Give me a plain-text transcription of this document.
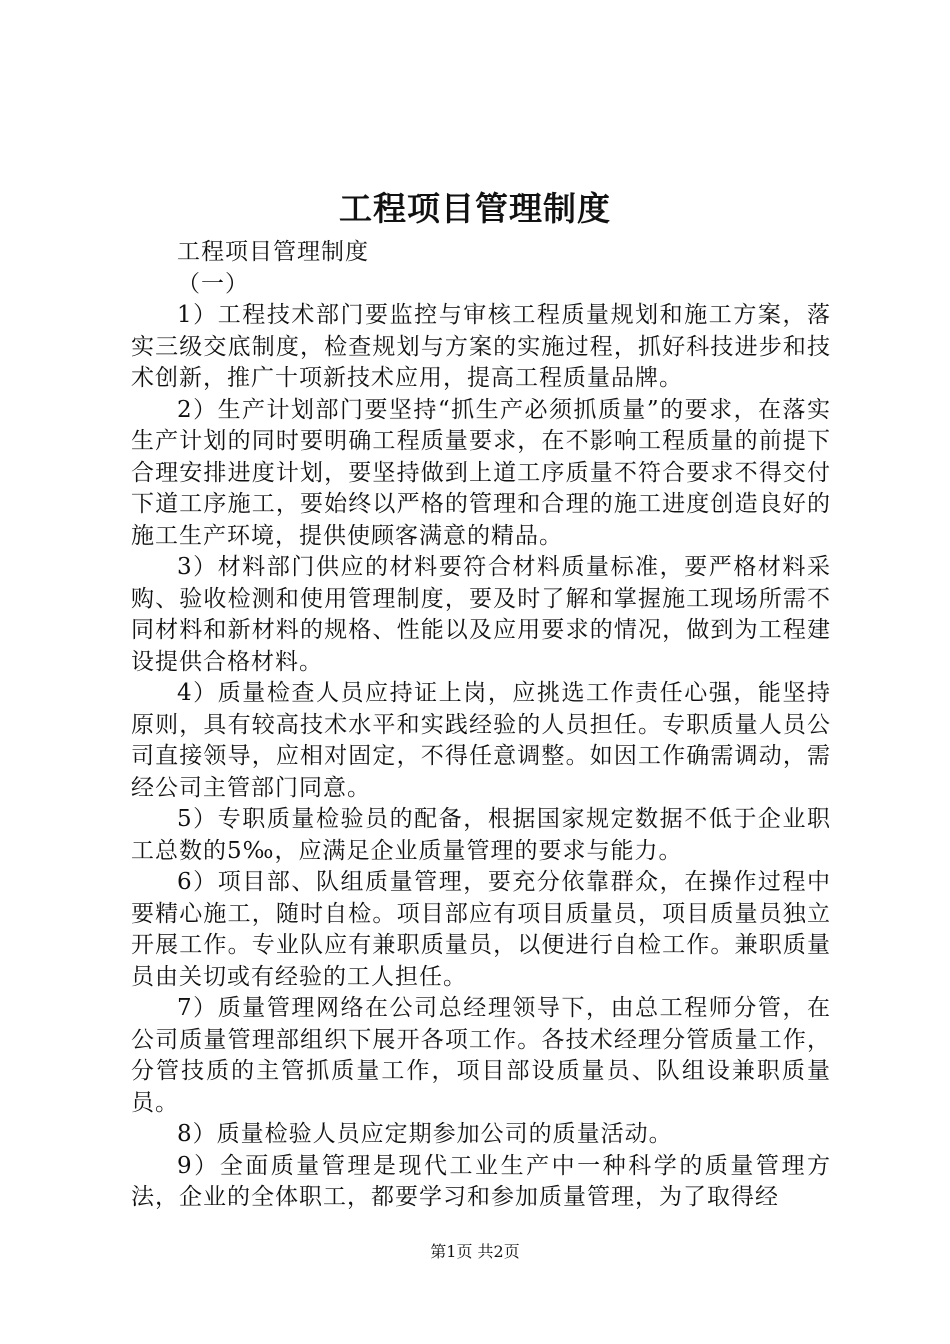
工程项目管理制度

工程项目管理制度

（一）

1）工程技术部门要监控与审核工程质量规划和施工方案，落实三级交底制度，检查规划与方案的实施过程，抓好科技进步和技术创新，推广十项新技术应用，提高工程质量品牌。

2）生产计划部门要坚持“抓生产必须抓质量”的要求，在落实生产计划的同时要明确工程质量要求，在不影响工程质量的前提下合理安排进度计划，要坚持做到上道工序质量不符合要求不得交付下道工序施工，要始终以严格的管理和合理的施工进度创造良好的施工生产环境，提供使顾客满意的精品。

3）材料部门供应的材料要符合材料质量标准，要严格材料采购、验收检测和使用管理制度，要及时了解和掌握施工现场所需不同材料和新材料的规格、性能以及应用要求的情况，做到为工程建设提供合格材料。

4）质量检查人员应持证上岗，应挑选工作责任心强，能坚持原则，具有较高技术水平和实践经验的人员担任。专职质量人员公司直接领导，应相对固定，不得任意调整。如因工作确需调动，需经公司主管部门同意。

5）专职质量检验员的配备，根据国家规定数据不低于企业职工总数的5‰，应满足企业质量管理的要求与能力。

6）项目部、队组质量管理，要充分依靠群众，在操作过程中要精心施工，随时自检。项目部应有项目质量员，项目质量员独立开展工作。专业队应有兼职质量员，以便进行自检工作。兼职质量员由关切或有经验的工人担任。

7）质量管理网络在公司总经理领导下，由总工程师分管，在公司质量管理部组织下展开各项工作。各技术经理分管质量工作，分管技质的主管抓质量工作，项目部设质量员、队组设兼职质量员。

8）质量检验人员应定期参加公司的质量活动。

9）全面质量管理是现代工业生产中一种科学的质量管理方法，企业的全体职工，都要学习和参加质量管理，为了取得经

第1页 共2页
